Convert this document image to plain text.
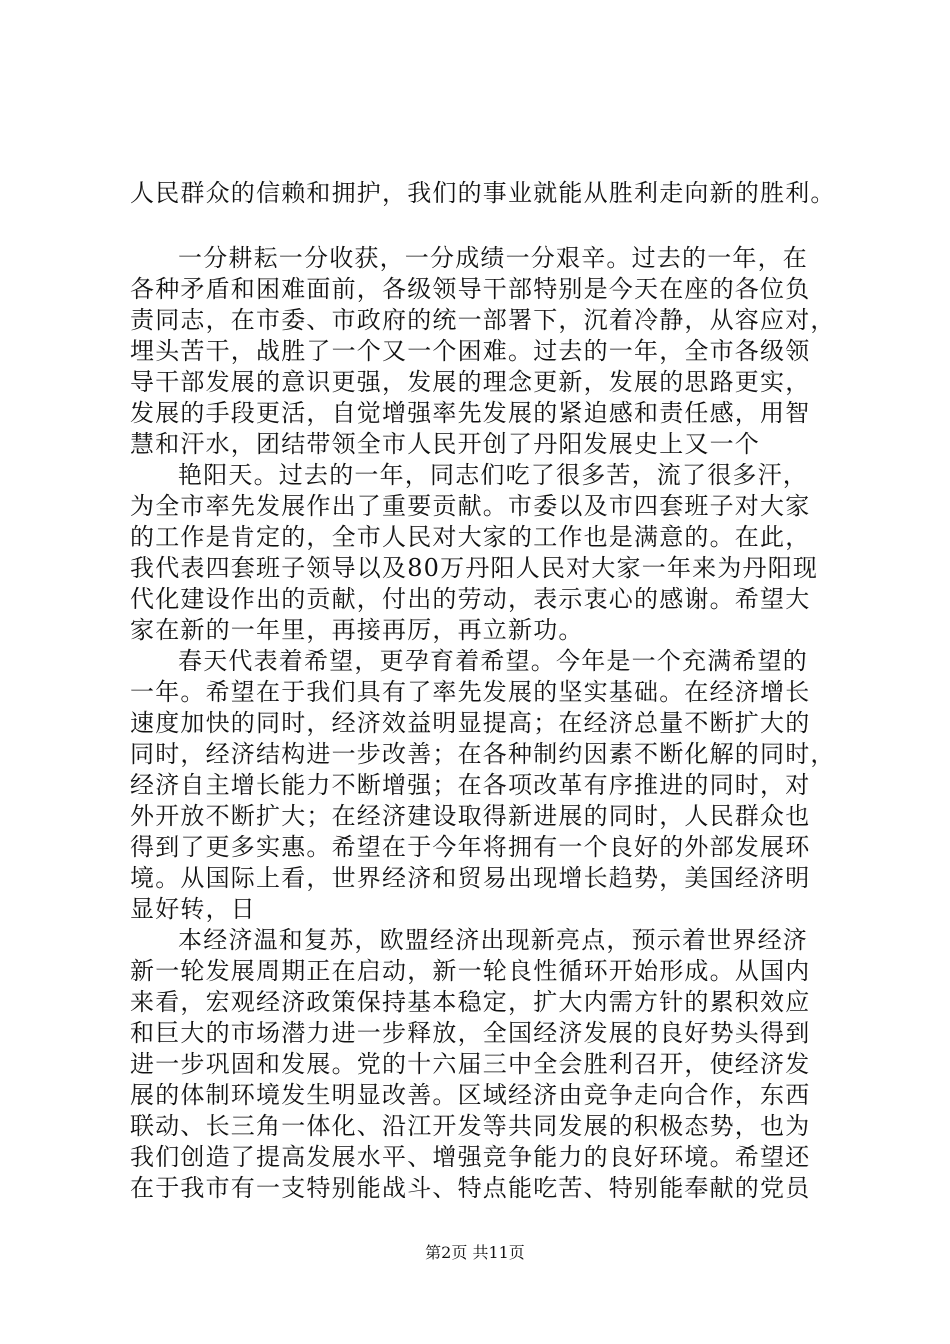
人民群众的信赖和拥护，我们的事业就能从胜利走向新的胜利。
一分耕耘一分收获，一分成绩一分艰辛。过去的一年，在
各种矛盾和困难面前，各级领导干部特别是今天在座的各位负
责同志，在市委、市政府的统一部署下，沉着冷静，从容应对，
埋头苦干，战胜了一个又一个困难。过去的一年，全市各级领
导干部发展的意识更强，发展的理念更新，发展的思路更实，
发展的手段更活，自觉增强率先发展的紧迫感和责任感，用智
慧和汗水，团结带领全市人民开创了丹阳发展史上又一个
艳阳天。过去的一年，同志们吃了很多苦，流了很多汗，
为全市率先发展作出了重要贡献。市委以及市四套班子对大家
的工作是肯定的，全市人民对大家的工作也是满意的。在此，
我代表四套班子领导以及80万丹阳人民对大家一年来为丹阳现
代化建设作出的贡献，付出的劳动，表示衷心的感谢。希望大
家在新的一年里，再接再厉，再立新功。
春天代表着希望，更孕育着希望。今年是一个充满希望的
一年。希望在于我们具有了率先发展的坚实基础。在经济增长
速度加快的同时，经济效益明显提高；在经济总量不断扩大的
同时，经济结构进一步改善；在各种制约因素不断化解的同时，
经济自主增长能力不断增强；在各项改革有序推进的同时，对
外开放不断扩大；在经济建设取得新进展的同时，人民群众也
得到了更多实惠。希望在于今年将拥有一个良好的外部发展环
境。从国际上看，世界经济和贸易出现增长趋势，美国经济明
显好转，日
本经济温和复苏，欧盟经济出现新亮点，预示着世界经济
新一轮发展周期正在启动，新一轮良性循环开始形成。从国内
来看，宏观经济政策保持基本稳定，扩大内需方针的累积效应
和巨大的市场潜力进一步释放，全国经济发展的良好势头得到
进一步巩固和发展。党的十六届三中全会胜利召开，使经济发
展的体制环境发生明显改善。区域经济由竞争走向合作，东西
联动、长三角一体化、沿江开发等共同发展的积极态势，也为
我们创造了提高发展水平、增强竞争能力的良好环境。希望还
在于我市有一支特别能战斗、特点能吃苦、特别能奉献的党员
第2页 共11页
